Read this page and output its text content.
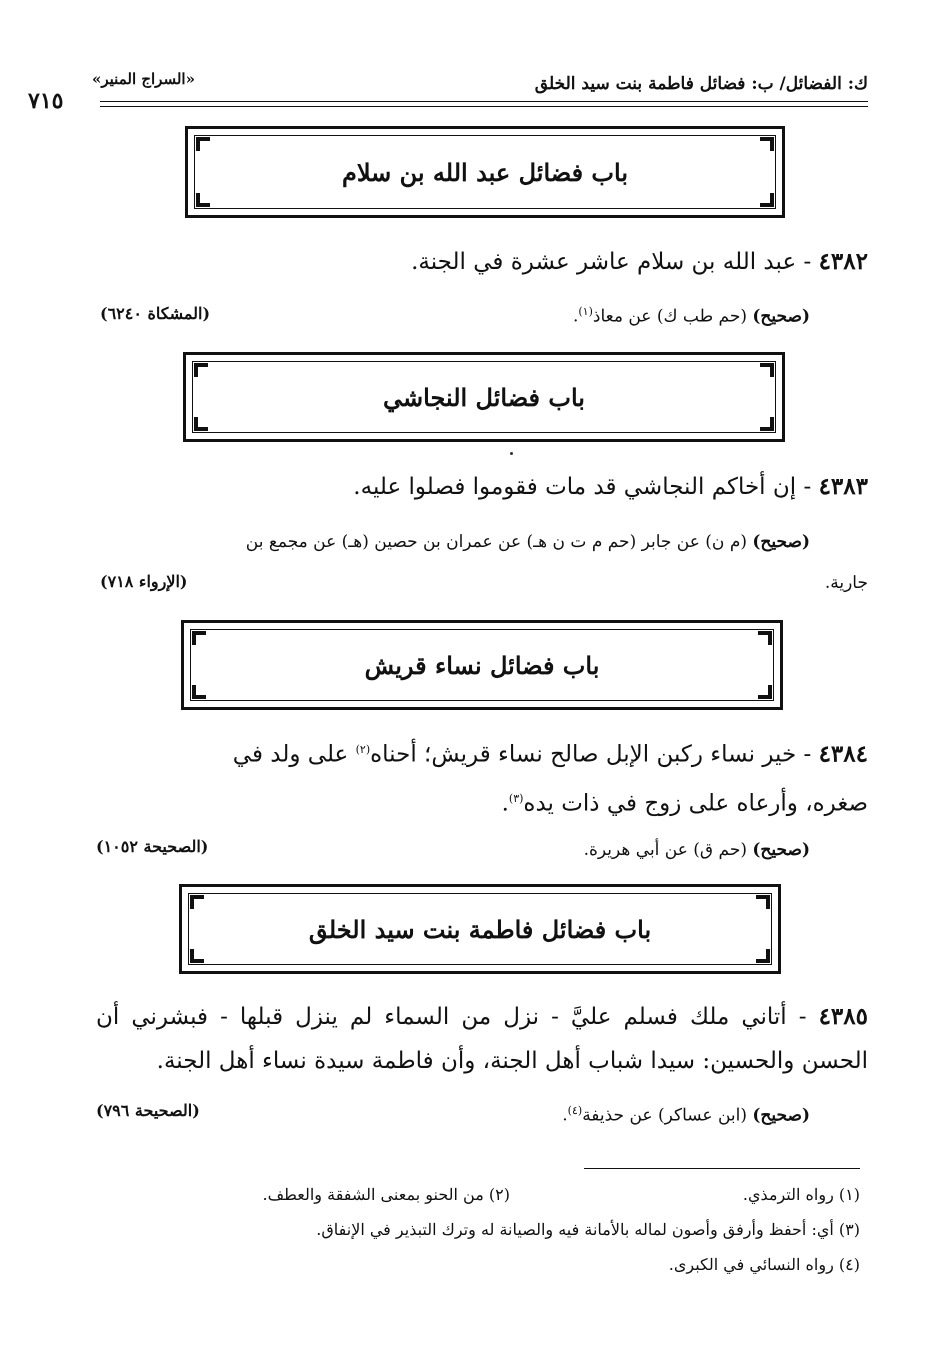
ك: الفضائل/ ب: فضائل فاطمة بنت سيد الخلق
«السراج المنير»
٧١٥
باب فضائل عبد الله بن سلام
٤٣٨٢ - عبد الله بن سلام عاشر عشرة في الجنة.
(صحيح) (حم طب ك) عن معاذ$^{(١)}$.
(المشكاة ٦٢٤٠)
باب فضائل النجاشي
٤٣٨٣ - إن أخاكم النجاشي قد مات فقوموا فصلوا عليه.
(صحيح) (م ن) عن جابر (حم م ت ن هـ) عن عمران بن حصين (هـ) عن مجمع بن
جارية.
(الإرواء ٧١٨)
باب فضائل نساء قريش
٤٣٨٤ - خير نساء ركبن الإبل صالح نساء قريش؛ أحناه$^{(٢)}$ على ولد في
صغره، وأرعاه على زوج في ذات يده$^{(٣)}$.
(صحيح) (حم ق) عن أبي هريرة.
(الصحيحة ١٠٥٢)
باب فضائل فاطمة بنت سيد الخلق
٤٣٨٥ - أتاني ملك فسلم عليَّ - نزل من السماء لم ينزل قبلها - فبشرني أن الحسن والحسين: سيدا شباب أهل الجنة، وأن فاطمة سيدة نساء أهل الجنة.
(صحيح) (ابن عساكر) عن حذيفة$^{(٤)}$.
(الصحيحة ٧٩٦)
(١) رواه الترمذي.
(٢) من الحنو بمعنى الشفقة والعطف.
(٣) أي: أحفظ وأرفق وأصون لماله بالأمانة فيه والصيانة له وترك التبذير في الإنفاق.
(٤) رواه النسائي في الكبرى.
